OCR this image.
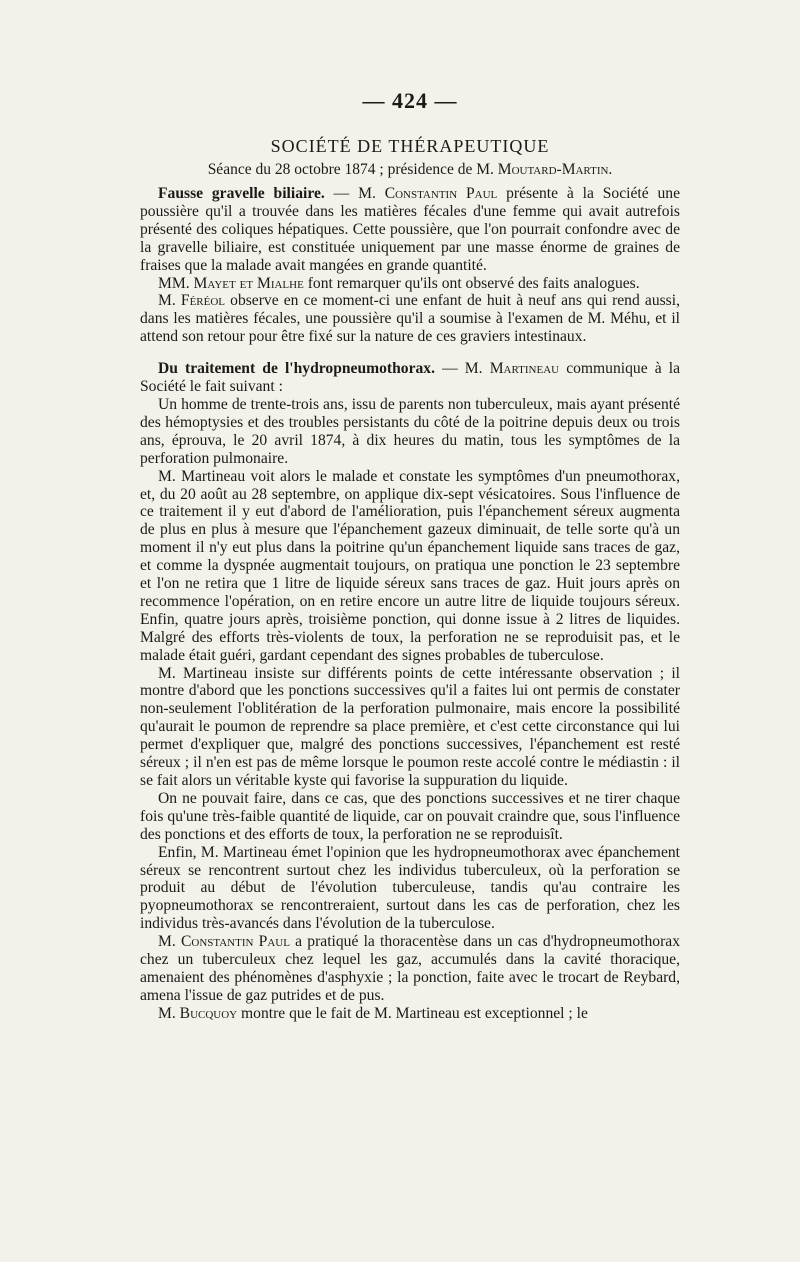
— 424 —
SOCIÉTÉ DE THÉRAPEUTIQUE
Séance du 28 octobre 1874 ; présidence de M. Moutard-Martin.

Fausse gravelle biliaire. — M. Constantin Paul présente à la Société une poussière qu'il a trouvée dans les matières fécales d'une femme qui avait autrefois présenté des coliques hépatiques. Cette poussière, que l'on pourrait confondre avec de la gravelle biliaire, est constituée uniquement par une masse énorme de graines de fraises que la malade avait mangées en grande quantité.

MM. Mayet et Mialhe font remarquer qu'ils ont observé des faits analogues.

M. Féréol observe en ce moment-ci une enfant de huit à neuf ans qui rend aussi, dans les matières fécales, une poussière qu'il a soumise à l'examen de M. Méhu, et il attend son retour pour être fixé sur la nature de ces graviers intestinaux.

Du traitement de l'hydropneumothorax. — M. Martineau communique à la Société le fait suivant :

Un homme de trente-trois ans, issu de parents non tuberculeux, mais ayant présenté des hémoptysies et des troubles persistants du côté de la poitrine depuis deux ou trois ans, éprouva, le 20 avril 1874, à dix heures du matin, tous les symptômes de la perforation pulmonaire.

M. Martineau voit alors le malade et constate les symptômes d'un pneumothorax, et, du 20 août au 28 septembre, on applique dix-sept vésicatoires. Sous l'influence de ce traitement il y eut d'abord de l'amélioration, puis l'épanchement séreux augmenta de plus en plus à mesure que l'épanchement gazeux diminuait, de telle sorte qu'à un moment il n'y eut plus dans la poitrine qu'un épanchement liquide sans traces de gaz, et comme la dyspnée augmentait toujours, on pratiqua une ponction le 23 septembre et l'on ne retira que 1 litre de liquide séreux sans traces de gaz. Huit jours après on recommence l'opération, on en retire encore un autre litre de liquide toujours séreux. Enfin, quatre jours après, troisième ponction, qui donne issue à 2 litres de liquides. Malgré des efforts très-violents de toux, la perforation ne se reproduisit pas, et le malade était guéri, gardant cependant des signes probables de tuberculose.

M. Martineau insiste sur différents points de cette intéressante observation ; il montre d'abord que les ponctions successives qu'il a faites lui ont permis de constater non-seulement l'oblitération de la perforation pulmonaire, mais encore la possibilité qu'aurait le poumon de reprendre sa place première, et c'est cette circonstance qui lui permet d'expliquer que, malgré des ponctions successives, l'épanchement est resté séreux ; il n'en est pas de même lorsque le poumon reste accolé contre le médiastin : il se fait alors un véritable kyste qui favorise la suppuration du liquide.

On ne pouvait faire, dans ce cas, que des ponctions successives et ne tirer chaque fois qu'une très-faible quantité de liquide, car on pouvait craindre que, sous l'influence des ponctions et des efforts de toux, la perforation ne se reproduisît.

Enfin, M. Martineau émet l'opinion que les hydropneumothorax avec épanchement séreux se rencontrent surtout chez les individus tuberculeux, où la perforation se produit au début de l'évolution tuberculeuse, tandis qu'au contraire les pyopneumothorax se rencontreraient, surtout dans les cas de perforation, chez les individus très-avancés dans l'évolution de la tuberculose.

M. Constantin Paul a pratiqué la thoracentèse dans un cas d'hydropneumothorax chez un tuberculeux chez lequel les gaz, accumulés dans la cavité thoracique, amenaient des phénomènes d'asphyxie ; la ponction, faite avec le trocart de Reybard, amena l'issue de gaz putrides et de pus.

M. Bucquoy montre que le fait de M. Martineau est exceptionnel ; le
